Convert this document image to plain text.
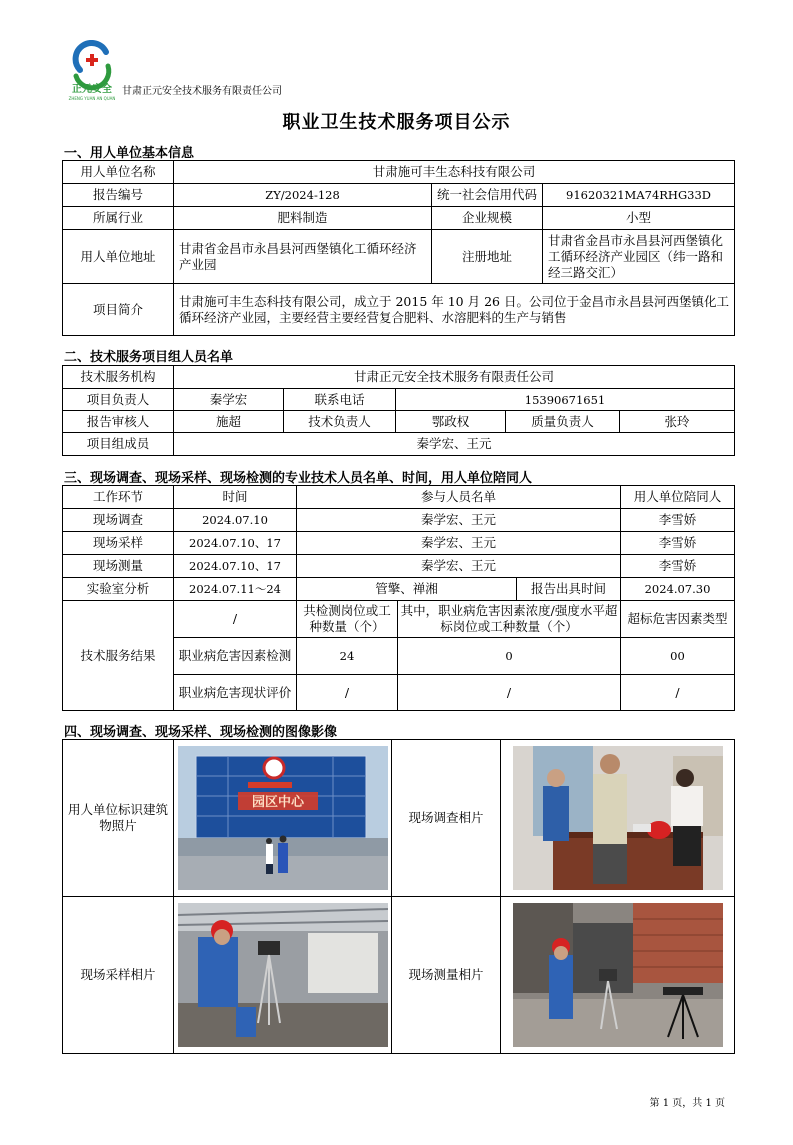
正元安全
ZHENG YUAN AN QUAN
甘肃正元安全技术服务有限责任公司
职业卫生技术服务项目公示
一、用人单位基本信息
用人单位名称	甘肃施可丰生态科技有限公司		
报告编号	ZY/2024-128	统一社会信用代码	91620321MA74RHG33D
所属行业	肥料制造	企业规模	小型
用人单位地址	甘肃省金昌市永昌县河西堡镇化工循环经济产业园	注册地址	甘肃省金昌市永昌县河西堡镇化工循环经济产业园区（纬一路和经三路交汇）
项目简介	甘肃施可丰生态科技有限公司，成立于 2015 年 10 月 26 日。公司位于金昌市永昌县河西堡镇化工循环经济产业园，主要经营主要经营复合肥料、水溶肥料的生产与销售		
二、技术服务项目组人员名单
技术服务机构	甘肃正元安全技术服务有限责任公司				
项目负责人	秦学宏	联系电话	15390671651		
报告审核人	施超	技术负责人	鄂政权	质量负责人	张玲
项目组成员	秦学宏、王元				
三、现场调查、现场采样、现场检测的专业技术人员名单、时间，用人单位陪同人
工作环节	时间	参与人员名单			用人单位陪同人
现场调查	2024.07.10	秦学宏、王元			李雪娇
现场采样	2024.07.10、17	秦学宏、王元			李雪娇
现场测量	2024.07.10、17	秦学宏、王元			李雪娇
实验室分析	2024.07.11～24	管擎、禅湘		报告出具时间	2024.07.30
技术服务结果	/	共检测岗位或工种数量（个）	其中，职业病危害因素浓度/强度水平超标岗位或工种数量（个）		超标危害因素类型
	职业病危害因素检测	24	0		00
	职业病危害现状评价	/	/		/
四、现场调查、现场采样、现场检测的图像影像
用人单位标识建筑物照片	园区中心	现场调查相片	

现场采样相片		现场测量相片	
第 1 页，共 1 页
